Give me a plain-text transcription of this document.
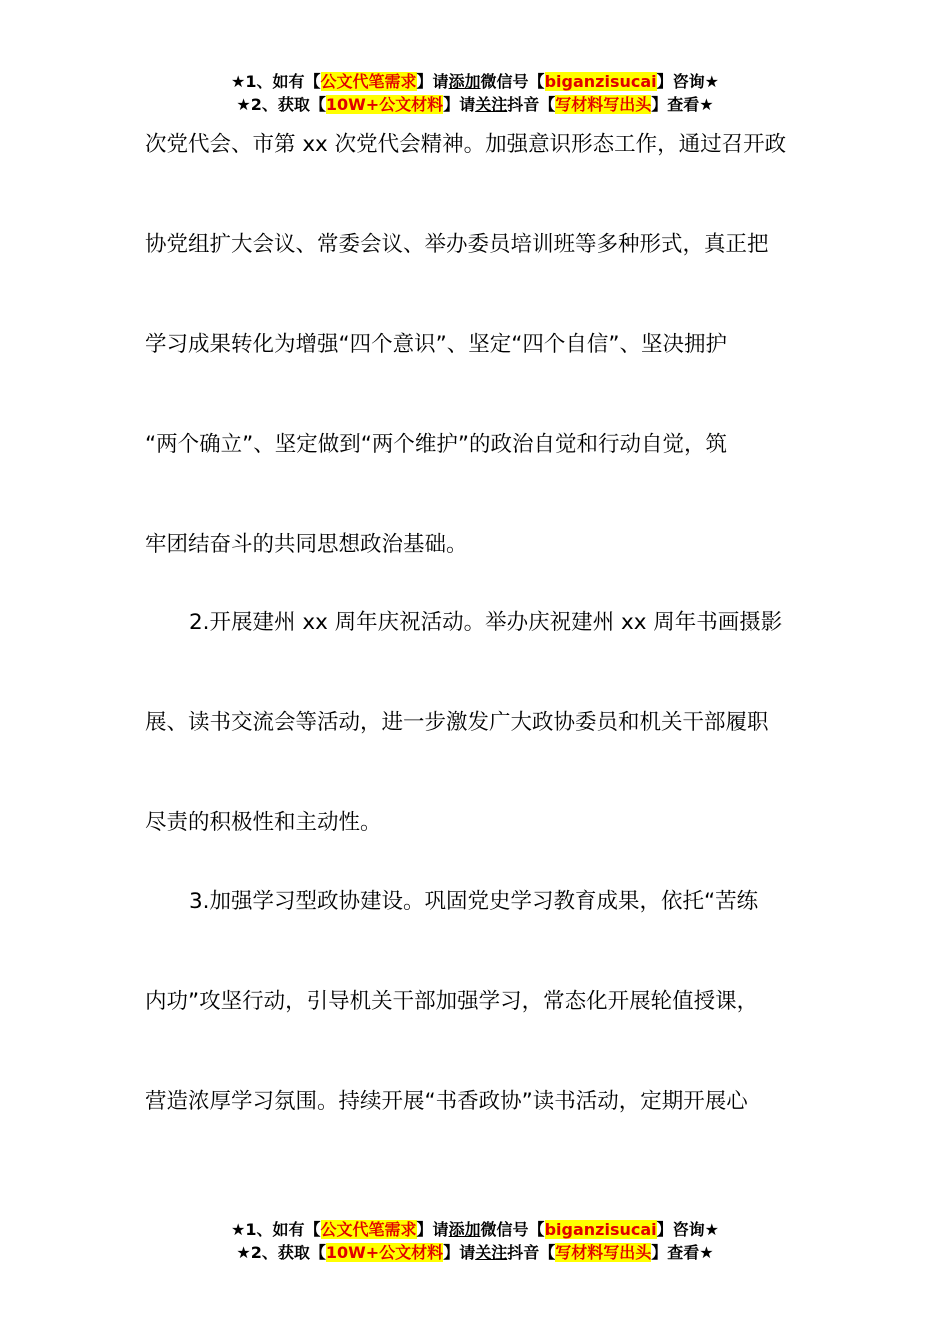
★1、如有【公文代笔需求】请添加微信号【biganzisucai】咨询★
★2、获取【10W+公文材料】请关注抖音【写材料写出头】查看★
次党代会、市第 xx 次党代会精神。加强意识形态工作，通过召开政
协党组扩大会议、常委会议、举办委员培训班等多种形式，真正把
学习成果转化为增强“四个意识”、坚定“四个自信”、坚决拥护
“两个确立”、坚定做到“两个维护”的政治自觉和行动自觉，筑
牢团结奋斗的共同思想政治基础。
2.开展建州 xx 周年庆祝活动。举办庆祝建州 xx 周年书画摄影
展、读书交流会等活动，进一步激发广大政协委员和机关干部履职
尽责的积极性和主动性。
3.加强学习型政协建设。巩固党史学习教育成果，依托“苦练
内功”攻坚行动，引导机关干部加强学习，常态化开展轮值授课，
营造浓厚学习氛围。持续开展“书香政协”读书活动，定期开展心
★1、如有【公文代笔需求】请添加微信号【biganzisucai】咨询★
★2、获取【10W+公文材料】请关注抖音【写材料写出头】查看★
